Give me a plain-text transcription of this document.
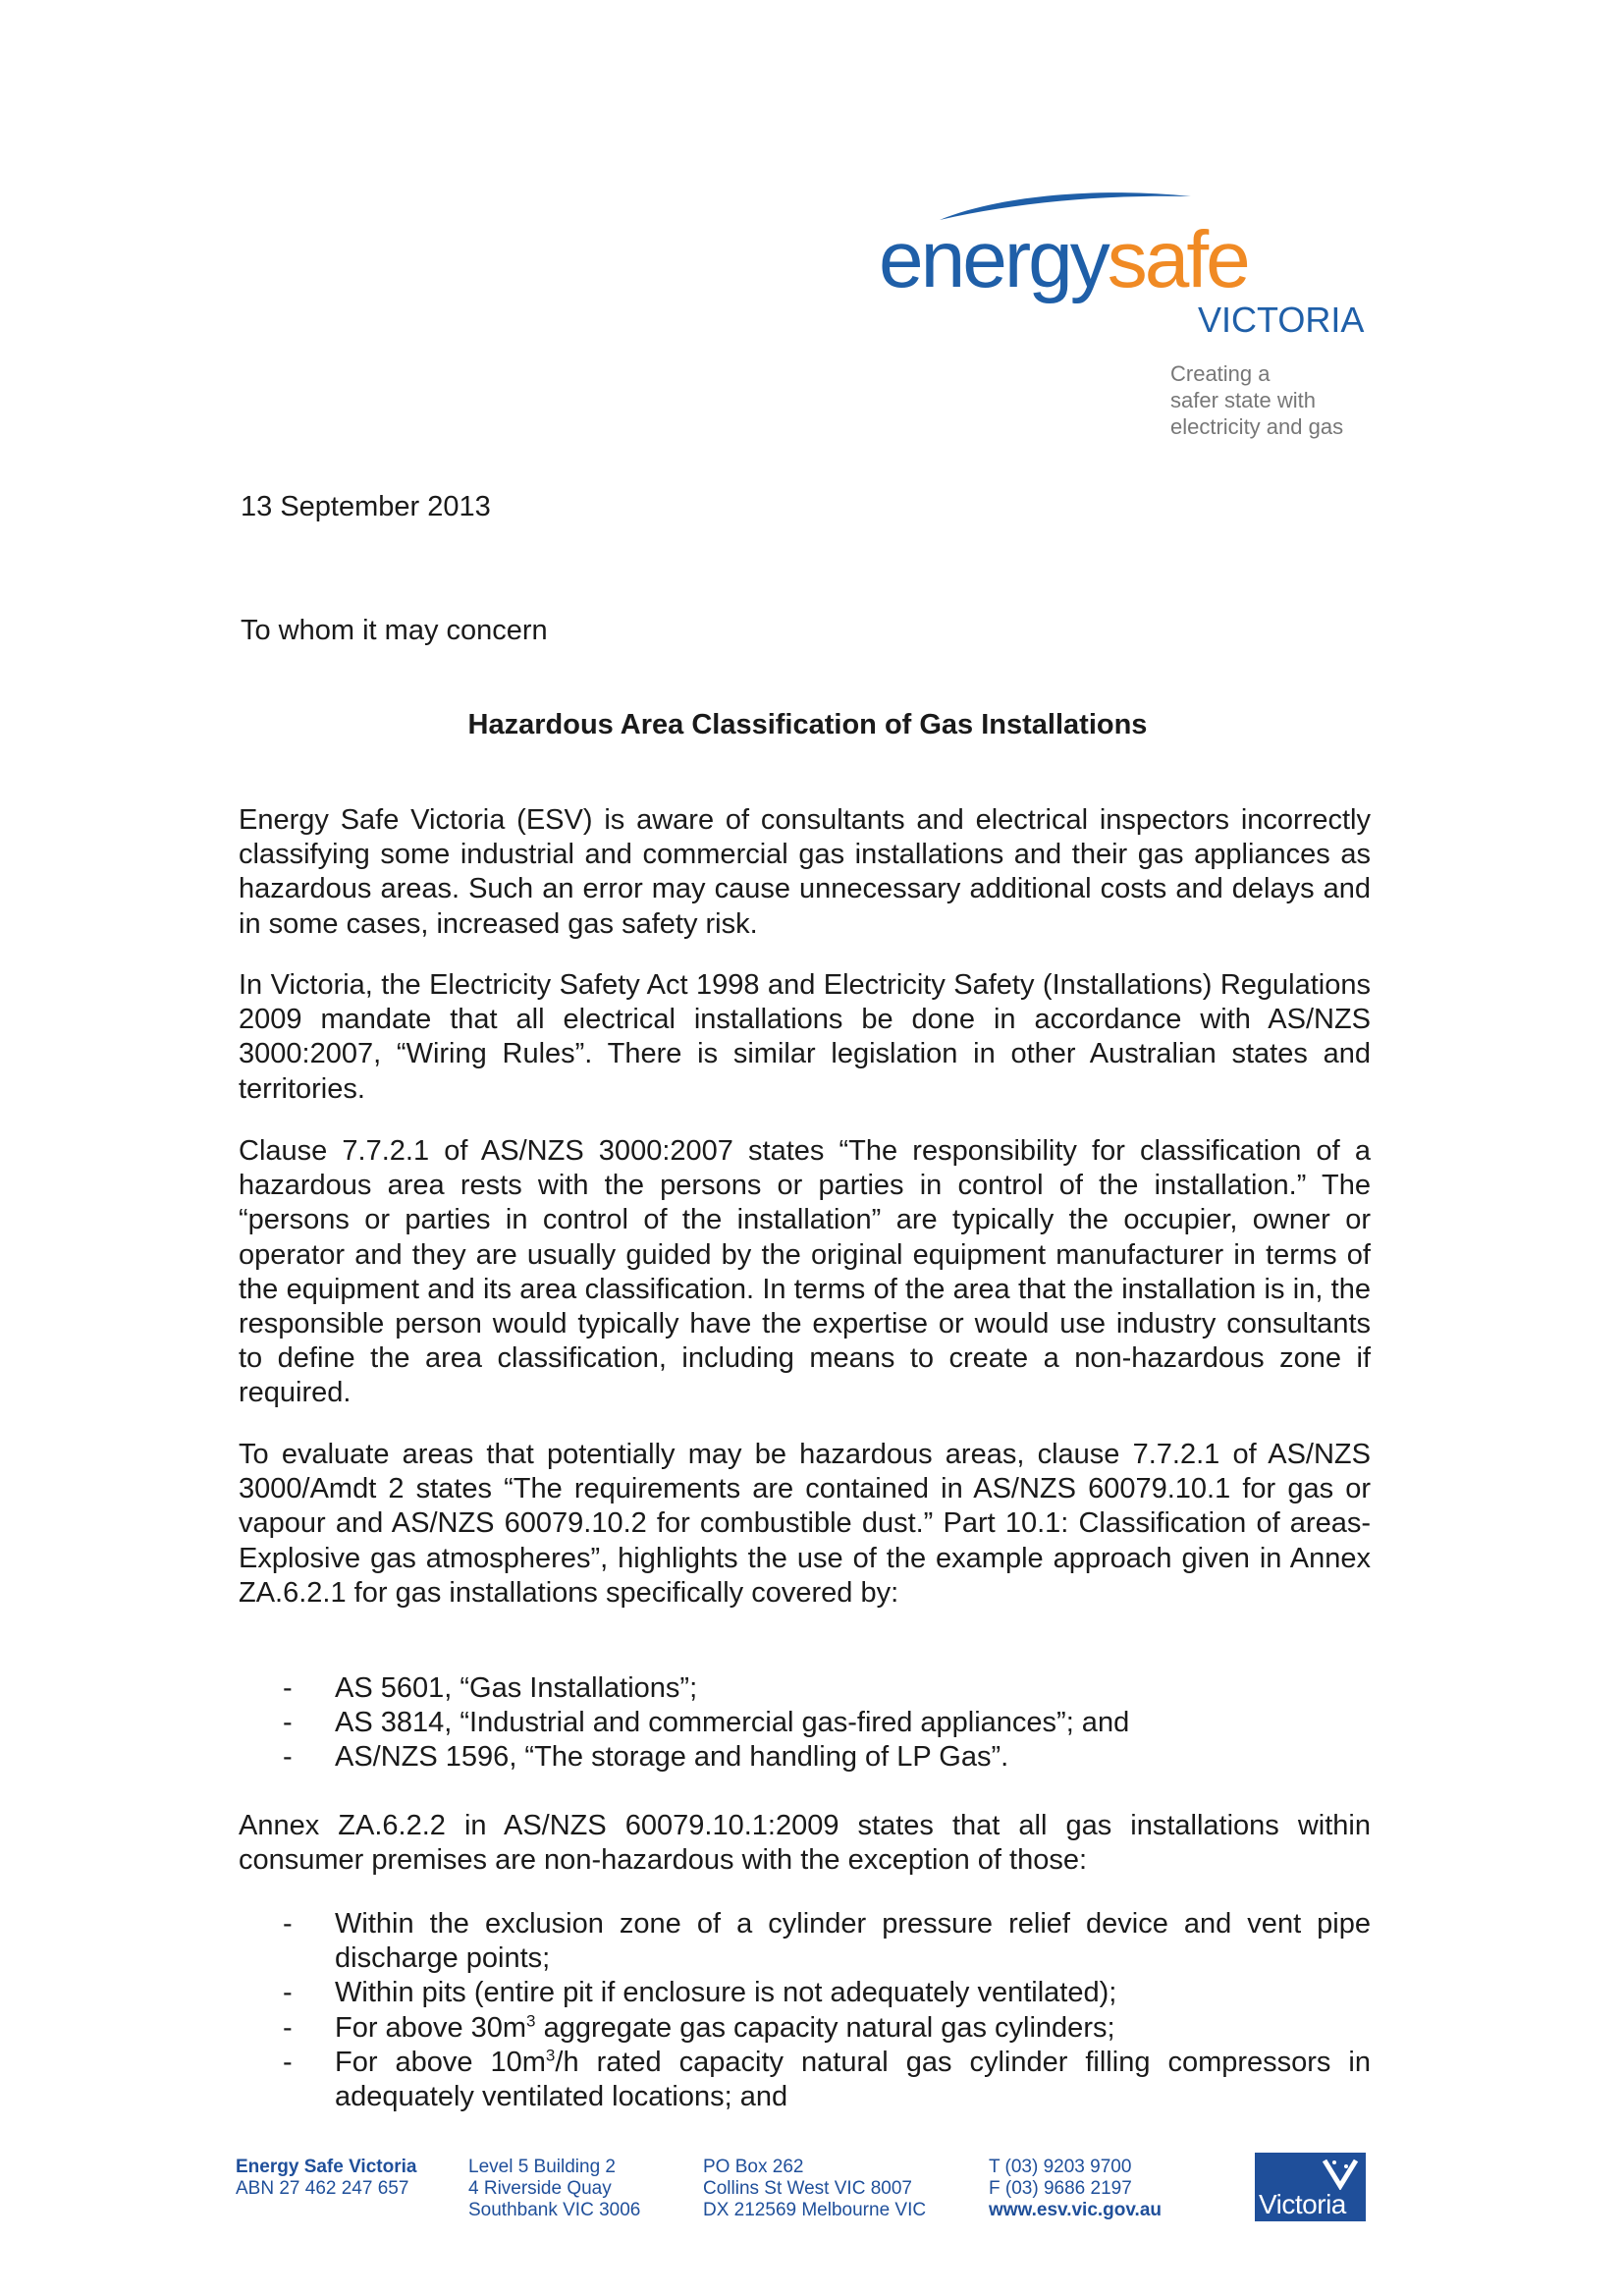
energysafe
VICTORIA
Creating a
safer state with
electricity and gas
13 September 2013
To whom it may concern
Hazardous Area Classification of Gas Installations

Energy Safe Victoria (ESV) is aware of consultants and electrical inspectors incorrectly classifying some industrial and commercial gas installations and their gas appliances as hazardous areas. Such an error may cause unnecessary additional costs and delays and in some cases, increased gas safety risk.

In Victoria, the Electricity Safety Act 1998 and Electricity Safety (Installations) Regulations 2009 mandate that all electrical installations be done in accordance with AS/NZS 3000:2007, “Wiring Rules”. There is similar legislation in other Australian states and territories.

Clause 7.7.2.1 of AS/NZS 3000:2007 states “The responsibility for classification of a hazardous area rests with the persons or parties in control of the installation.” The “persons or parties in control of the installation” are typically the occupier, owner or operator and they are usually guided by the original equipment manufacturer in terms of the equipment and its area classification. In terms of the area that the installation is in, the responsible person would typically have the expertise or would use industry consultants to define the area classification, including means to create a non-hazardous zone if required.

To evaluate areas that potentially may be hazardous areas, clause 7.7.2.1 of AS/NZS 3000/Amdt 2 states “The requirements are contained in AS/NZS 60079.10.1 for gas or vapour and AS/NZS 60079.10.2 for combustible dust.” Part 10.1: Classification of areas-Explosive gas atmospheres”, highlights the use of the example approach given in Annex ZA.6.2.1 for gas installations specifically covered by:

- AS 5601, “Gas Installations”;
- AS 3814, “Industrial and commercial gas-fired appliances”; and
- AS/NZS 1596, “The storage and handling of LP Gas”.

Annex ZA.6.2.2 in AS/NZS 60079.10.1:2009 states that all gas installations within consumer premises are non-hazardous with the exception of those:

- Within the exclusion zone of a cylinder pressure relief device and vent pipe discharge points;
- Within pits (entire pit if enclosure is not adequately ventilated);
- For above $30m^3$ aggregate gas capacity natural gas cylinders;
- For above $10m^3/h$ rated capacity natural gas cylinder filling compressors in adequately ventilated locations; and
Energy Safe Victoria
ABN 27 462 247 657
Level 5 Building 2
4 Riverside Quay
Southbank VIC 3006
PO Box 262
Collins St West VIC 8007
DX 212569 Melbourne VIC
T (03) 9203 9700
F (03) 9686 2197
www.esv.vic.gov.au	Victoria
